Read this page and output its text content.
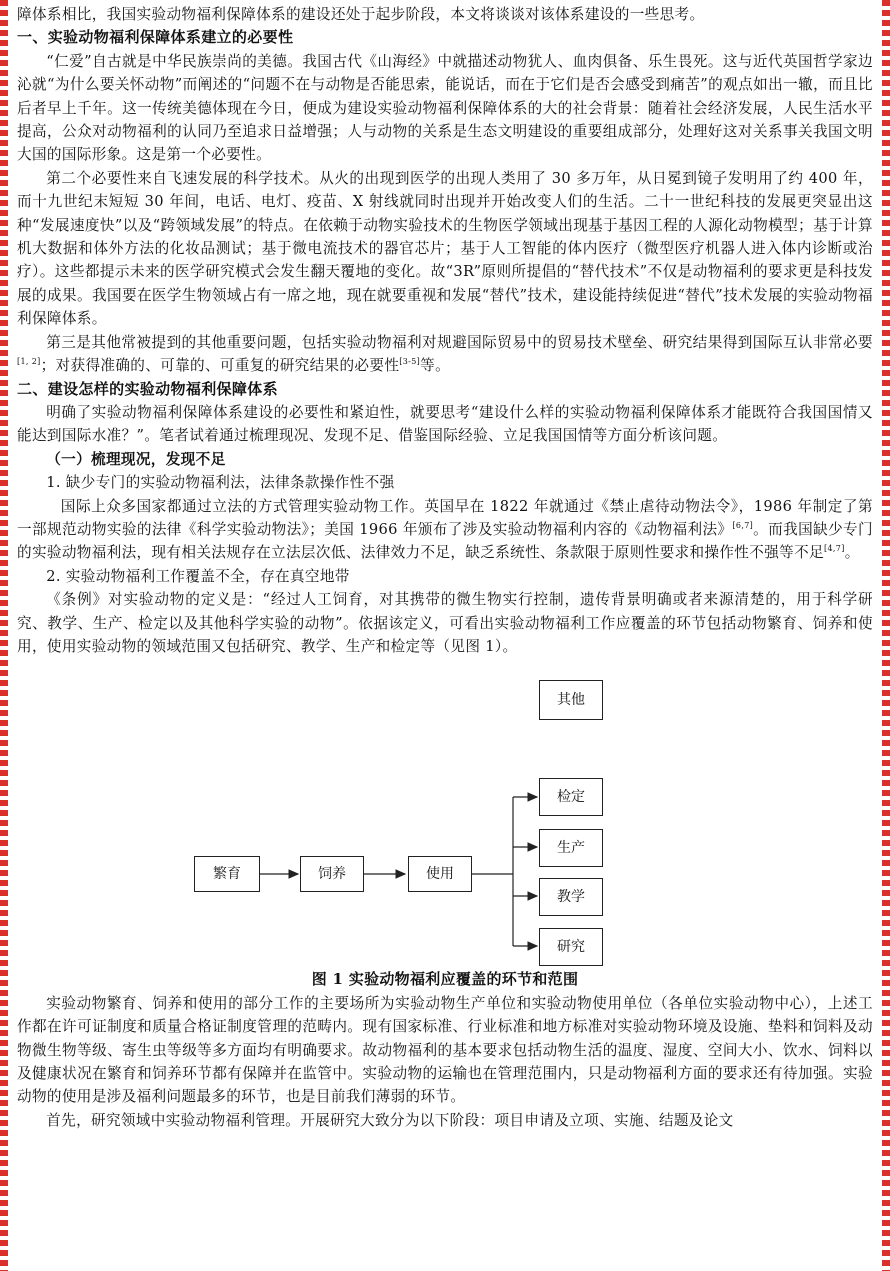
障体系相比，我国实验动物福利保障体系的建设还处于起步阶段，本文将谈谈对该体系建设的一些思考。

一、实验动物福利保障体系建立的必要性

“仁爱”自古就是中华民族崇尚的美德。我国古代《山海经》中就描述动物犹人、血肉俱备、乐生畏死。这与近代英国哲学家边沁就“为什么要关怀动物”而阐述的“问题不在与动物是否能思索，能说话，而在于它们是否会感受到痛苦”的观点如出一辙，而且比后者早上千年。这一传统美德体现在今日，便成为建设实验动物福利保障体系的大的社会背景：随着社会经济发展，人民生活水平提高，公众对动物福利的认同乃至追求日益增强；人与动物的关系是生态文明建设的重要组成部分，处理好这对关系事关我国文明大国的国际形象。这是第一个必要性。

第二个必要性来自飞速发展的科学技术。从火的出现到医学的出现人类用了 30 多万年，从日冕到镜子发明用了约 400 年，而十九世纪末短短 30 年间，电话、电灯、疫苗、X 射线就同时出现并开始改变人们的生活。二十一世纪科技的发展更突显出这种“发展速度快”以及“跨领域发展”的特点。在依赖于动物实验技术的生物医学领域出现基于基因工程的人源化动物模型；基于计算机大数据和体外方法的化妆品测试；基于微电流技术的器官芯片；基于人工智能的体内医疗（微型医疗机器人进入体内诊断或治疗）。这些都提示未来的医学研究模式会发生翻天覆地的变化。故“3R”原则所提倡的“替代技术”不仅是动物福利的要求更是科技发展的成果。我国要在医学生物领域占有一席之地，现在就要重视和发展“替代”技术，建设能持续促进“替代”技术发展的实验动物福利保障体系。

第三是其他常被提到的其他重要问题，包括实验动物福利对规避国际贸易中的贸易技术壁垒、研究结果得到国际互认非常必要[1, 2]；对获得准确的、可靠的、可重复的研究结果的必要性[3-5]等。

二、建设怎样的实验动物福利保障体系

明确了实验动物福利保障体系建设的必要性和紧迫性，就要思考“建设什么样的实验动物福利保障体系才能既符合我国国情又能达到国际水准？”。笔者试着通过梳理现况、发现不足、借鉴国际经验、立足我国国情等方面分析该问题。

（一）梳理现况，发现不足

1. 缺少专门的实验动物福利法，法律条款操作性不强

国际上众多国家都通过立法的方式管理实验动物工作。英国早在 1822 年就通过《禁止虐待动物法令》，1986 年制定了第一部规范动物实验的法律《科学实验动物法》；美国 1966 年颁布了涉及实验动物福利内容的《动物福利法》[6,7]。而我国缺少专门的实验动物福利法，现有相关法规存在立法层次低、法律效力不足，缺乏系统性、条款限于原则性要求和操作性不强等不足[4,7]。

2. 实验动物福利工作覆盖不全，存在真空地带

《条例》对实验动物的定义是：“经过人工饲育，对其携带的微生物实行控制，遗传背景明确或者来源清楚的，用于科学研究、教学、生产、检定以及其他科学实验的动物”。依据该定义，可看出实验动物福利工作应覆盖的环节包括动物繁育、饲养和使用，使用实验动物的领域范围又包括研究、教学、生产和检定等（见图 1）。

繁育	饲养	使用
其他
检定
生产
教学
研究

图 1 实验动物福利应覆盖的环节和范围

实验动物繁育、饲养和使用的部分工作的主要场所为实验动物生产单位和实验动物使用单位（各单位实验动物中心），上述工作都在许可证制度和质量合格证制度管理的范畴内。现有国家标准、行业标准和地方标准对实验动物环境及设施、垫料和饲料及动物微生物等级、寄生虫等级等多方面均有明确要求。故动物福利的基本要求包括动物生活的温度、湿度、空间大小、饮水、饲料以及健康状况在繁育和饲养环节都有保障并在监管中。实验动物的运输也在管理范围内，只是动物福利方面的要求还有待加强。实验动物的使用是涉及福利问题最多的环节，也是目前我们薄弱的环节。

首先，研究领域中实验动物福利管理。开展研究大致分为以下阶段：项目申请及立项、实施、结题及论文
